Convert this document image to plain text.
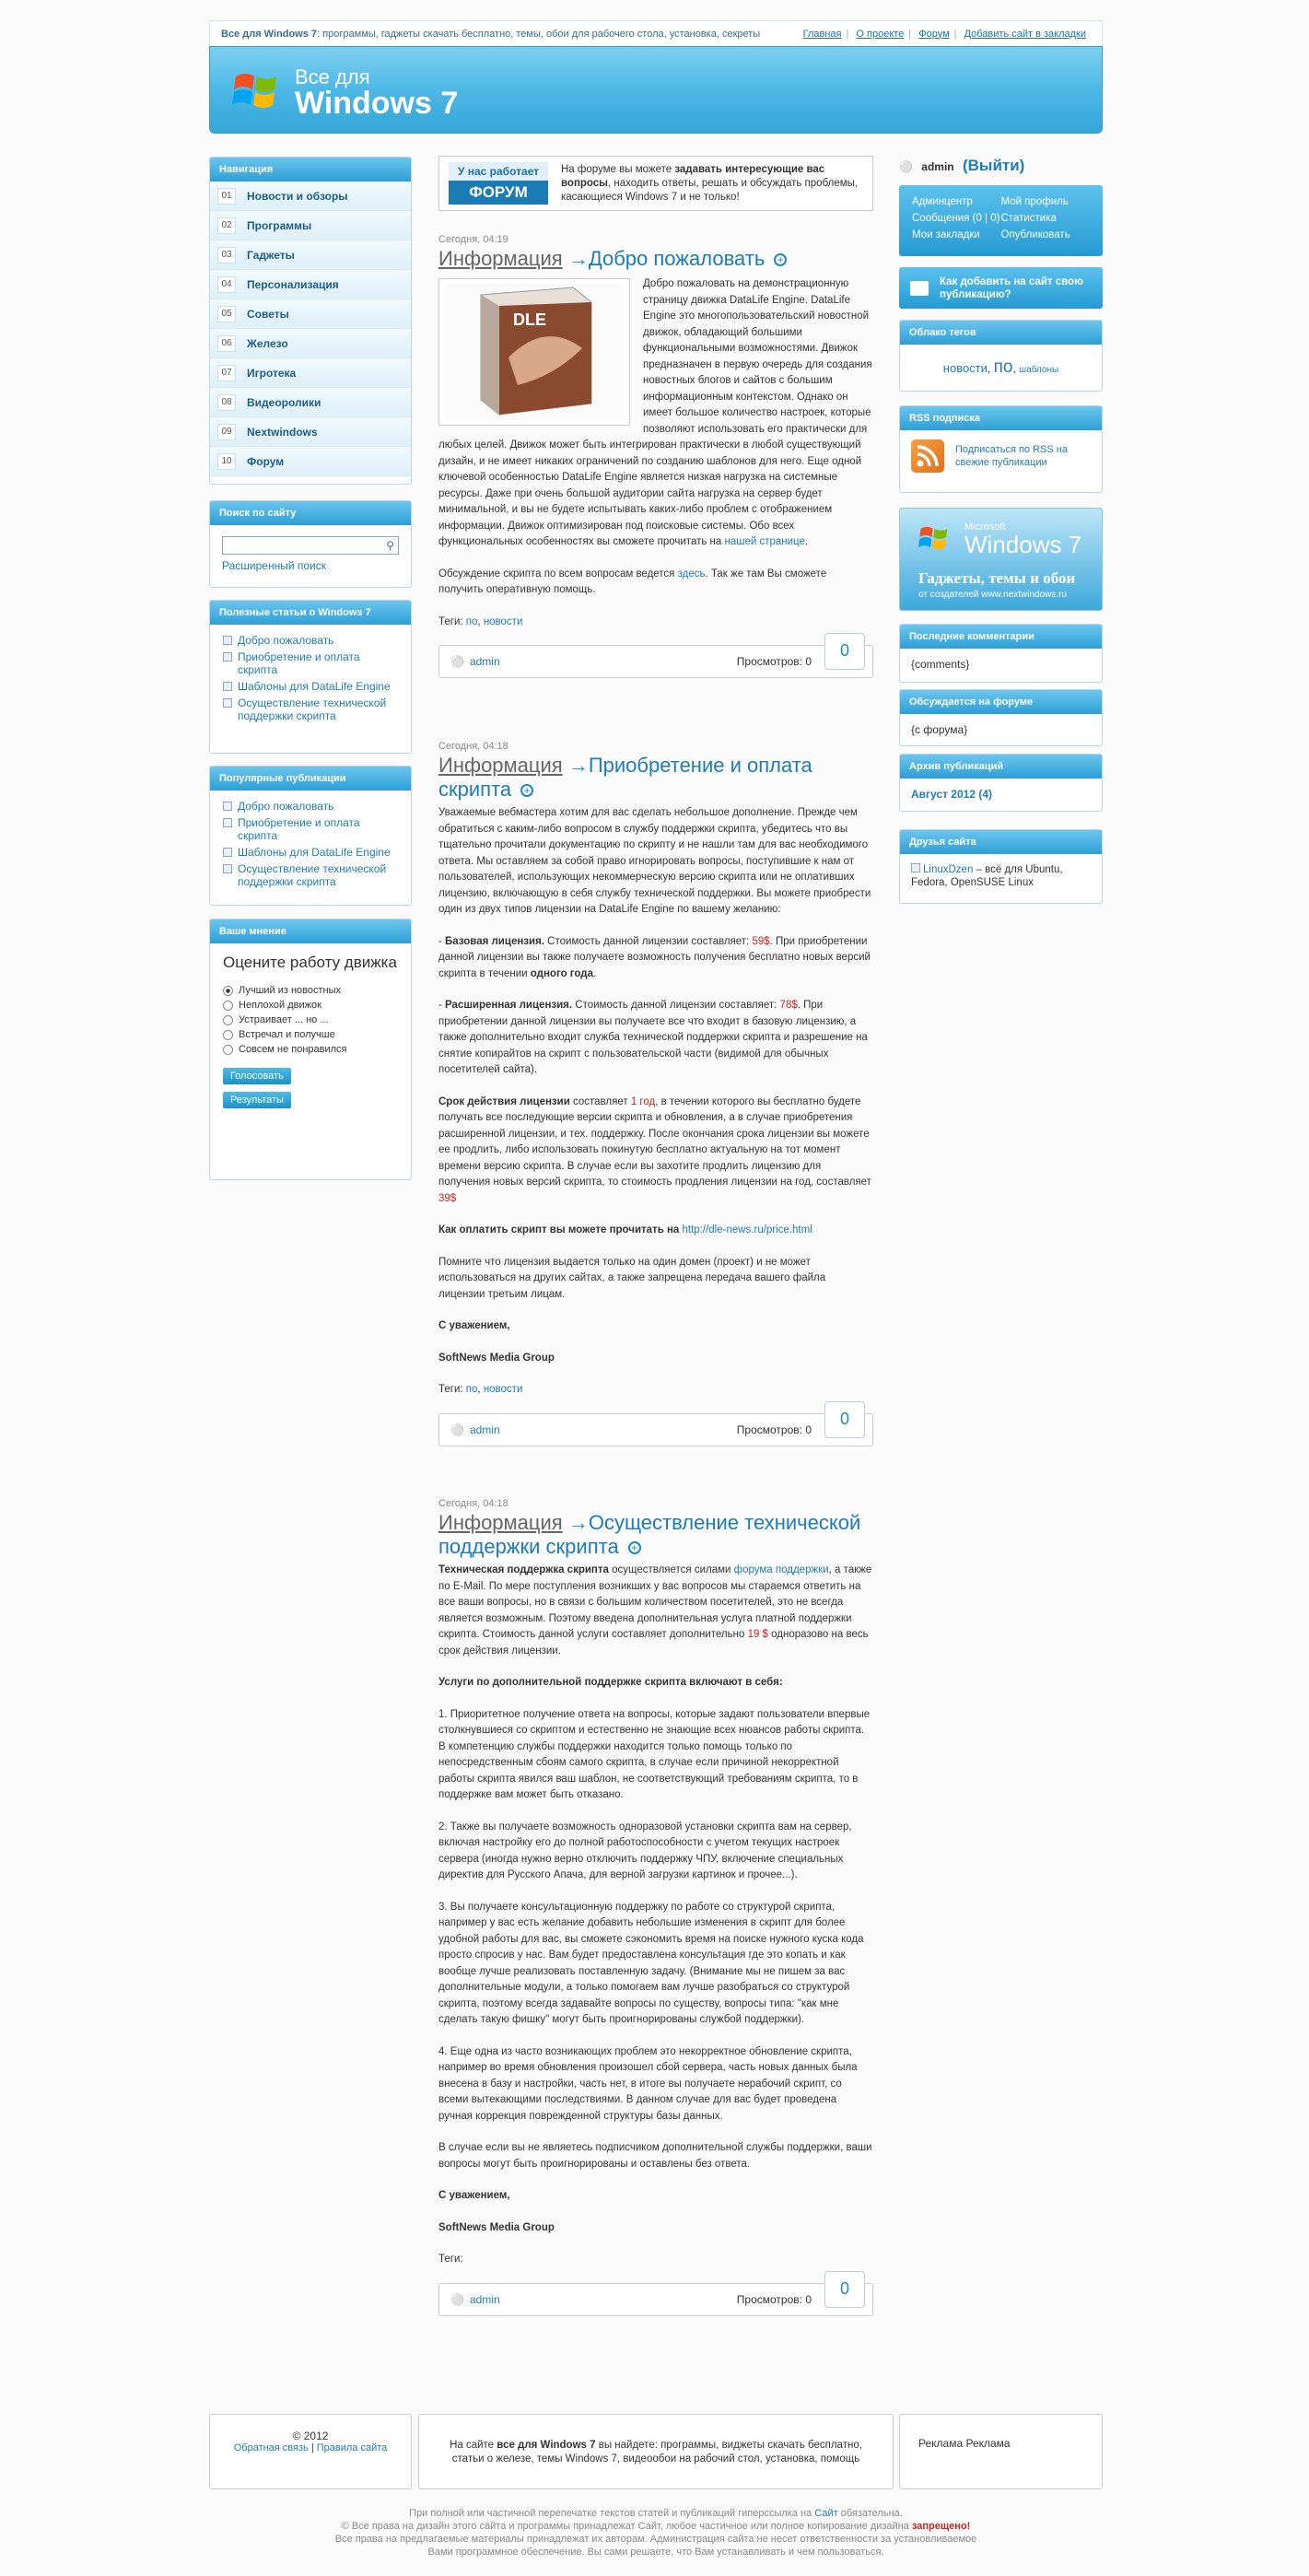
Все для Windows 7: программы, гаджеты скачать бесплатно, темы, обои для рабочего стола, установка, секреты	Главная | О проекте | Форум | Добавить сайт в закладки
Все для
Windows 7
Навигация
01	Новости и обзоры
02	Программы
03	Гаджеты
04	Персонализация
05	Советы
06	Железо
07	Игротека
08	Видеоролики
09	Nextwindows
10	Форум
Поиск по сайту
⚲
Расширенный поиск
Полезные статьи о Windows 7
Добро пожаловать
Приобретение и оплата скрипта
Шаблоны для DataLife Engine
Осуществление технической поддержки скрипта
Популярные публикации
Добро пожаловать
Приобретение и оплата скрипта
Шаблоны для DataLife Engine
Осуществление технической поддержки скрипта
Ваше мнение
Оцените работу движка
Лучший из новостных
Неплохой движок
Устраивает ... но ...
Встречал и получше
Совсем не понравился
Голосовать
Результаты
У нас работает
ФОРУМ
На форуме вы можете задавать интересующие вас вопросы, находить ответы, решать и обсуждать проблемы, касающиеся Windows 7 и не только!
Сегодня, 04:19
Информация →Добро пожаловать +
DLE

Добро пожаловать на демонстрационную страницу движка DataLife Engine. DataLife Engine это многопользовательский новостной движок, обладающий большими функциональными возможностями. Движок предназначен в первую очередь для создания новостных блогов и сайтов с большим информационным контекстом. Однако он имеет большое количество настроек, которые позволяют использовать его практически для любых целей. Движок может быть интегрирован практически в любой существующий дизайн, и не имеет никаких ограничений по созданию шаблонов для него. Еще одной ключевой особенностью DataLife Engine является низкая нагрузка на системные ресурсы. Даже при очень большой аудитории сайта нагрузка на сервер будет минимальной, и вы не будете испытывать каких-либо проблем с отображением информации. Движок оптимизирован под поисковые системы. Обо всех функциональных особенностях вы сможете прочитать на нашей странице.

Обсуждение скрипта по всем вопросам ведется здесь. Так же там Вы сможете получить оперативную помощь.

Теги: по, новости

⚪ admin	Просмотров: 0
0
Сегодня, 04:18
Информация →Приобретение и оплата скрипта +

Уважаемые вебмастера хотим для вас сделать небольшое дополнение. Прежде чем обратиться с каким-либо вопросом в службу поддержки скрипта, убедитесь что вы тщательно прочитали документацию по скрипту и не нашли там для вас необходимого ответа. Мы оставляем за собой право игнорировать вопросы, поступившие к нам от пользователей, использующих некоммерческую версию скрипта или не оплативших лицензию, включающую в себя службу технической поддержки. Вы можете приобрести один из двух типов лицензии на DataLife Engine по вашему желанию:

- Базовая лицензия. Стоимость данной лицензии составляет: 59$. При приобретении данной лицензии вы также получаете возможность получения бесплатно новых версий скрипта в течении одного года.

- Расширенная лицензия. Стоимость данной лицензии составляет: 78$. При приобретении данной лицензии вы получаете все что входит в базовую лицензию, а также дополнительно входит служба технической поддержки скрипта и разрешение на снятие копирайтов на скрипт с пользовательской части (видимой для обычных посетителей сайта).

Срок действия лицензии составляет 1 год, в течении которого вы бесплатно будете получать все последующие версии скрипта и обновления, а в случае приобретения расширенной лицензии, и тех. поддержку. После окончания срока лицензии вы можете ее продлить, либо использовать покинутую бесплатно актуальную на тот момент времени версию скрипта. В случае если вы захотите продлить лицензию для получения новых версий скрипта, то стоимость продления лицензии на год, составляет 39$

Как оплатить скрипт вы можете прочитать на http://dle-news.ru/price.html

Помните что лицензия выдается только на один домен (проект) и не может использоваться на других сайтах, а также запрещена передача вашего файла лицензии третьим лицам.

С уважением,

SoftNews Media Group

Теги: по, новости

⚪ admin	Просмотров: 0
0
Сегодня, 04:18
Информация →Осуществление технической поддержки скрипта +

Техническая поддержка скрипта осуществляется силами форума поддержки, а также по E-Mail. По мере поступления возникших у вас вопросов мы стараемся ответить на все ваши вопросы, но в связи с большим количеством посетителей, это не всегда является возможным. Поэтому введена дополнительная услуга платной поддержки скрипта. Стоимость данной услуги составляет дополнительно 19 $ одноразово на весь срок действия лицензии.

Услуги по дополнительной поддержке скрипта включают в себя:

1. Приоритетное получение ответа на вопросы, которые задают пользователи впервые столкнувшиеся со скриптом и естественно не знающие всех нюансов работы скрипта. В компетенцию службы поддержки находится только помощь только по непосредственным сбоям самого скрипта, в случае если причиной некорректной работы скрипта явился ваш шаблон, не соответствующий требованиям скрипта, то в поддержке вам может быть отказано.

2. Также вы получаете возможность одноразовой установки скрипта вам на сервер, включая настройку его до полной работоспособности с учетом текущих настроек сервера (иногда нужно верно отключить поддержку ЧПУ, включение специальных директив для Русского Апача, для верной загрузки картинок и прочее...).

3. Вы получаете консультационную поддержку по работе со структурой скрипта, например у вас есть желание добавить небольшие изменения в скрипт для более удобной работы для вас, вы сможете сэкономить время на поиске нужного куска кода просто спросив у нас. Вам будет предоставлена консультация где это копать и как вообще лучше реализовать поставленную задачу. (Внимание мы не пишем за вас дополнительные модули, а только помогаем вам лучше разобраться со структурой скрипта, поэтому всегда задавайте вопросы по существу, вопросы типа: "как мне сделать такую фишку" могут быть проигнорированы службой поддержки).

4. Еще одна из часто возникающих проблем это некорректное обновление скрипта, например во время обновления произошел сбой сервера, часть новых данных была внесена в базу и настройки, часть нет, в итоге вы получаете нерабочий скрипт, со всеми вытекающими последствиями. В данном случае для вас будет проведена ручная коррекция поврежденной структуры базы данных.

В случае если вы не являетесь подписчиком дополнительной службы поддержки, ваши вопросы могут быть проигнорированы и оставлены без ответа.

С уважением,

SoftNews Media Group

Теги:

⚪ admin	Просмотров: 0
0
⚪ admin (Выйти)
Админцентр	Мой профиль
Сообщения (0 | 0) Статистика
Мои закладки	Опубликовать
Как добавить на сайт свою публикацию?
Облако тегов
новости, по, шаблоны
RSS подписка
Подписаться по RSS на свежие публикации
Microsoft
Windows 7
Гаджеты, темы и обои
от создателей www.nextwindows.ru
Последние комментарии
{comments}
Обсуждается на форуме
{с форума}
Архив публикаций
Август 2012 (4)
Друзья сайта
LinuxDzen – всё для Ubuntu, Fedora, OpenSUSE Linux
© 2012
Обратная связь | Правила сайта	На сайте все для Windows 7 вы найдете: программы, виджеты скачать бесплатно, статьи о железе, темы Windows 7, видеообои на рабочий стол, установка, помощь
Реклама Реклама
При полной или частичной перепечатке текстов статей и публикаций гиперссылка на Сайт обязательна.
© Все права на дизайн этого сайта и программы принадлежат Сайт, любое частичное или полное копирование дизайна запрещено!
Все права на предлагаемые материалы принадлежат их авторам. Администрация сайта не несет ответственности за установливаемое
Вами программное обеспечение. Вы сами решаете, что Вам устанавливать и чем пользоваться.
